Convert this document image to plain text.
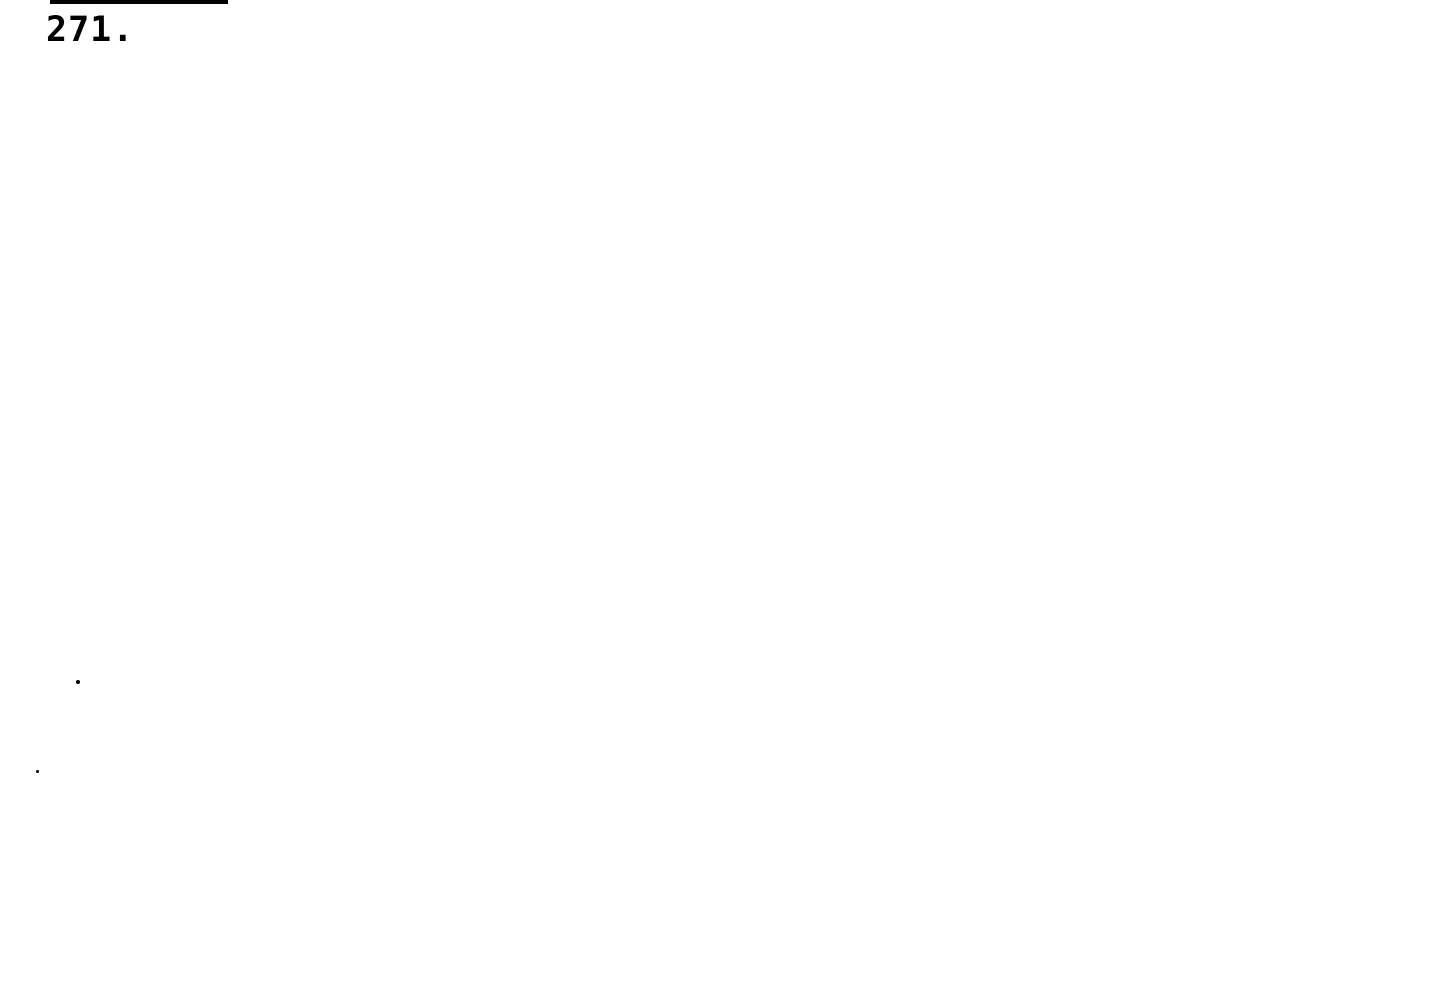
271.
